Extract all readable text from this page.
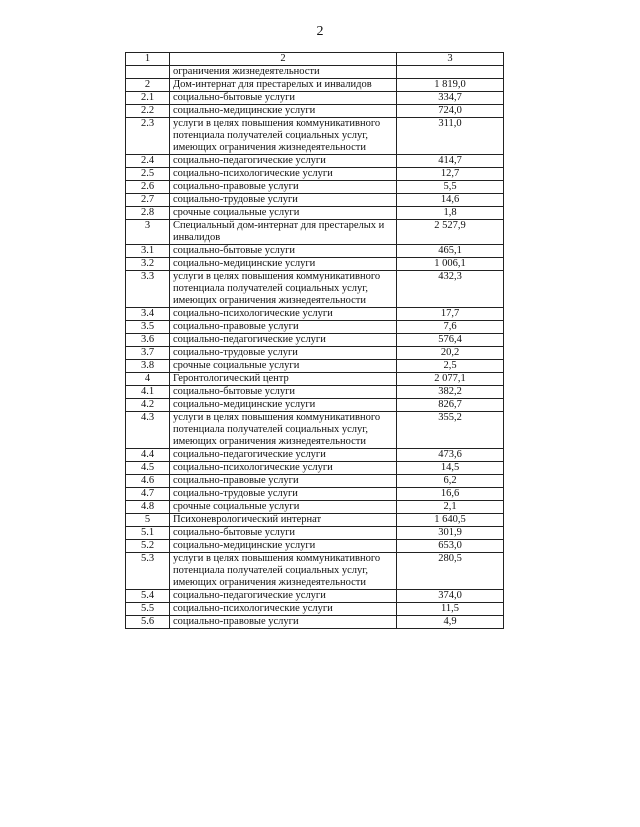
2
1	2	3
	ограничения жизнедеятельности	
2	Дом-интернат для престарелых и инвалидов	1 819,0
2.1	социально-бытовые услуги	334,7
2.2	социально-медицинские услуги	724,0
2.3	услуги в целях повышения коммуникативного потенциала получателей социальных услуг, имеющих ограничения жизнедеятельности	311,0
2.4	социально-педагогические услуги	414,7
2.5	социально-психологические услуги	12,7
2.6	социально-правовые услуги	5,5
2.7	социально-трудовые услуги	14,6
2.8	срочные социальные услуги	1,8
3	Специальный дом-интернат для престарелых и инвалидов	2 527,9
3.1	социально-бытовые услуги	465,1
3.2	социально-медицинские услуги	1 006,1
3.3	услуги в целях повышения коммуникативного потенциала получателей социальных услуг, имеющих ограничения жизнедеятельности	432,3
3.4	социально-психологические услуги	17,7
3.5	социально-правовые услуги	7,6
3.6	социально-педагогические услуги	576,4
3.7	социально-трудовые услуги	20,2
3.8	срочные социальные услуги	2,5
4	Геронтологический центр	2 077,1
4.1	социально-бытовые услуги	382,2
4.2	социально-медицинские услуги	826,7
4.3	услуги в целях повышения коммуникативного потенциала получателей социальных услуг, имеющих ограничения жизнедеятельности	355,2
4.4	социально-педагогические услуги	473,6
4.5	социально-психологические услуги	14,5
4.6	социально-правовые услуги	6,2
4.7	социально-трудовые услуги	16,6
4.8	срочные социальные услуги	2,1
5	Психоневрологический интернат	1 640,5
5.1	социально-бытовые услуги	301,9
5.2	социально-медицинские услуги	653,0
5.3	услуги в целях повышения коммуникативного потенциала получателей социальных услуг, имеющих ограничения жизнедеятельности	280,5
5.4	социально-педагогические услуги	374,0
5.5	социально-психологические услуги	11,5
5.6	социально-правовые услуги	4,9
